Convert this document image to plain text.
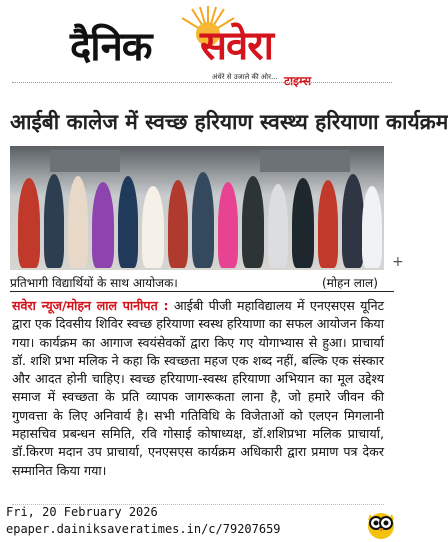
दैनिक सवेरा
अंधेरे से उजाले की ओर... टाइम्स
आईबी कालेज में स्वच्छ हरियाण स्वस्थ्य हरियाणा कार्यक्रम
+
प्रतिभागी विद्यार्थियों के साथ आयोजक।	(मोहन लाल)
सवेरा न्यूज/मोहन लाल पानीपत : आईबी पीजी महाविद्यालय में एनएसएस यूनिट द्वारा एक दिवसीय शिविर स्वच्छ हरियाणा स्वस्थ हरियाणा का सफल आयोजन किया गया। कार्यक्रम का आगाज स्वयंसेवकों द्वारा किए गए योगाभ्यास से हुआ। प्राचार्या डॉ. शशि प्रभा मलिक ने कहा कि स्वच्छता महज एक शब्द नहीं, बल्कि एक संस्कार और आदत होनी चाहिए। स्वच्छ हरियाणा-स्वस्थ हरियाणा अभियान का मूल उद्देश्य समाज में स्वच्छता के प्रति व्यापक जागरूकता लाना है, जो हमारे जीवन की गुणवत्ता के लिए अनिवार्य है। सभी गतिविधि के विजेताओं को एलएन मिगलानी महासचिव प्रबन्धन समिति, रवि गोसाई कोषाध्यक्ष, डॉ.शशिप्रभा मलिक प्राचार्या, डॉ.किरण मदान उप प्राचार्या, एनएसएस कार्यक्रम अधिकारी द्वारा प्रमाण पत्र देकर सम्मानित किया गया।
Fri, 20 February 2026
epaper.dainiksaveratimes.in/c/79207659
